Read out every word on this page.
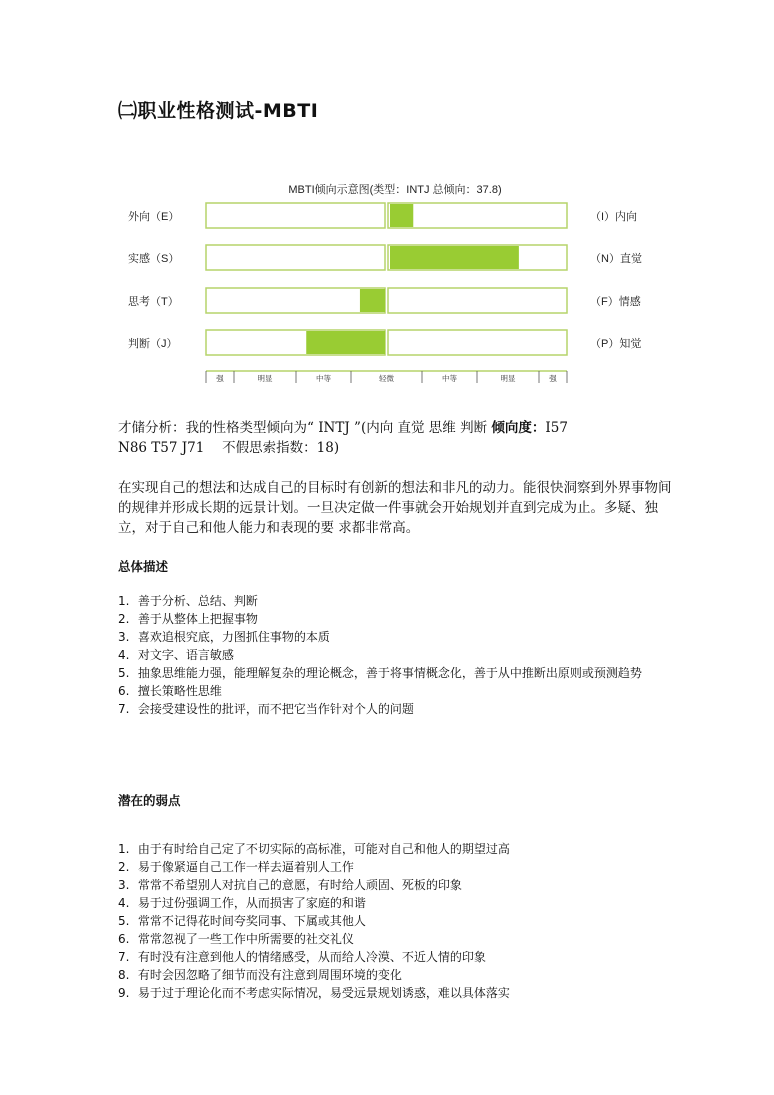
㈡职业性格测试-MBTI
MBTI倾向示意图(类型：INTJ 总倾向：37.8)
外向（E）	（I）内向
实感（S）	（N）直觉
思考（T）	（F）情感
判断（J）	（P）知觉
强	明显	中等	轻微	中等	明显	强
才储分析：我的性格类型倾向为“ INTJ ”(内向 直觉 思维 判断 倾向度：I57
N86 T57 J71　 不假思索指数：18)
在实现自己的想法和达成自己的目标时有创新的想法和非凡的动力。能很快洞察到外界事物间的规律并形成长期的远景计划。一旦决定做一件事就会开始规划并直到完成为止。多疑、独立，对于自己和他人能力和表现的要 求都非常高。
总体描述
1. 善于分析、总结、判断
2. 善于从整体上把握事物
3. 喜欢追根究底，力图抓住事物的本质
4. 对文字、语言敏感
5. 抽象思维能力强，能理解复杂的理论概念，善于将事情概念化，善于从中推断出原则或预测趋势
6. 擅长策略性思维
7. 会接受建设性的批评，而不把它当作针对个人的问题
潜在的弱点
1. 由于有时给自己定了不切实际的高标准，可能对自己和他人的期望过高
2. 易于像紧逼自己工作一样去逼着别人工作
3. 常常不希望别人对抗自己的意愿，有时给人顽固、死板的印象
4. 易于过份强调工作，从而损害了家庭的和谐
5. 常常不记得花时间夸奖同事、下属或其他人
6. 常常忽视了一些工作中所需要的社交礼仪
7. 有时没有注意到他人的情绪感受，从而给人冷漠、不近人情的印象
8. 有时会因忽略了细节而没有注意到周围环境的变化
9. 易于过于理论化而不考虑实际情况，易受远景规划诱惑，难以具体落实
